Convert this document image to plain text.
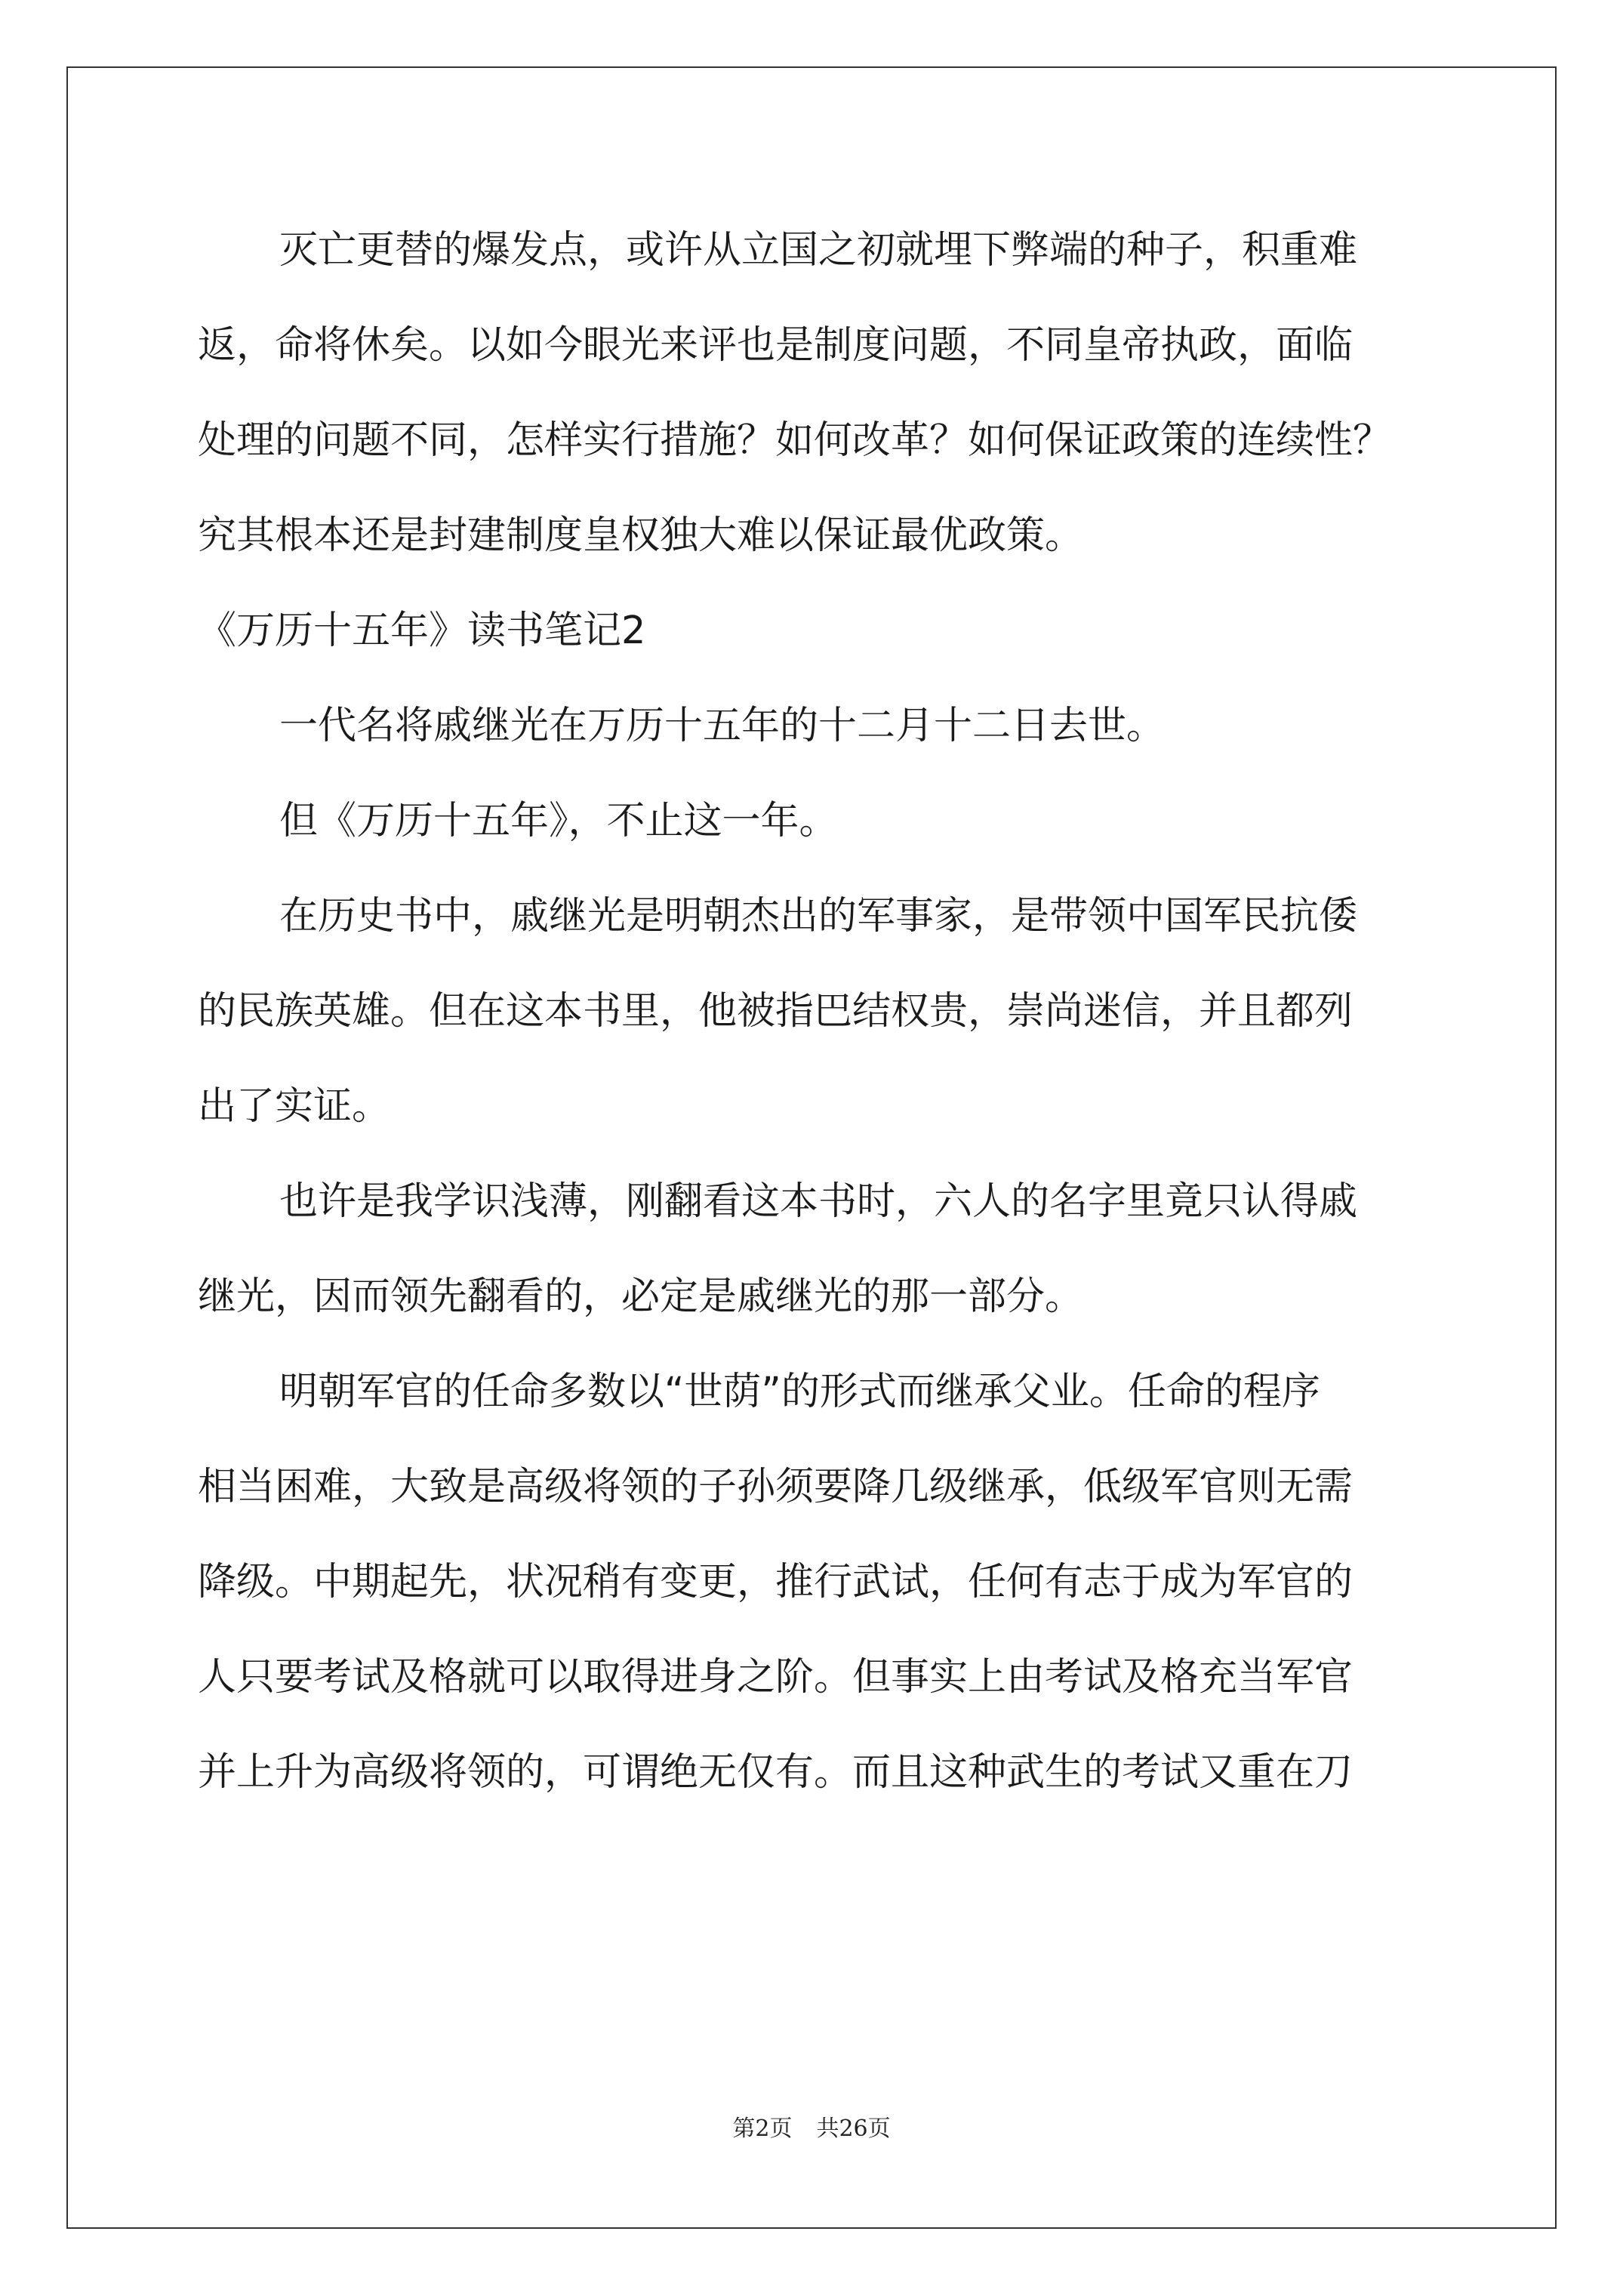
灭亡更替的爆发点，或许从立国之初就埋下弊端的种子，积重难
返，命将休矣。以如今眼光来评也是制度问题，不同皇帝执政，面临
处理的问题不同，怎样实行措施？如何改革？如何保证政策的连续性？
究其根本还是封建制度皇权独大难以保证最优政策。
《万历十五年》读书笔记2
一代名将戚继光在万历十五年的十二月十二日去世。
但《万历十五年》，不止这一年。
在历史书中，戚继光是明朝杰出的军事家，是带领中国军民抗倭
的民族英雄。但在这本书里，他被指巴结权贵，崇尚迷信，并且都列
出了实证。
也许是我学识浅薄，刚翻看这本书时，六人的名字里竟只认得戚
继光，因而领先翻看的，必定是戚继光的那一部分。
明朝军官的任命多数以“世荫”的形式而继承父业。任命的程序
相当困难，大致是高级将领的子孙须要降几级继承，低级军官则无需
降级。中期起先，状况稍有变更，推行武试，任何有志于成为军官的
人只要考试及格就可以取得进身之阶。但事实上由考试及格充当军官
并上升为高级将领的，可谓绝无仅有。而且这种武生的考试又重在刀
第2页 共26页
